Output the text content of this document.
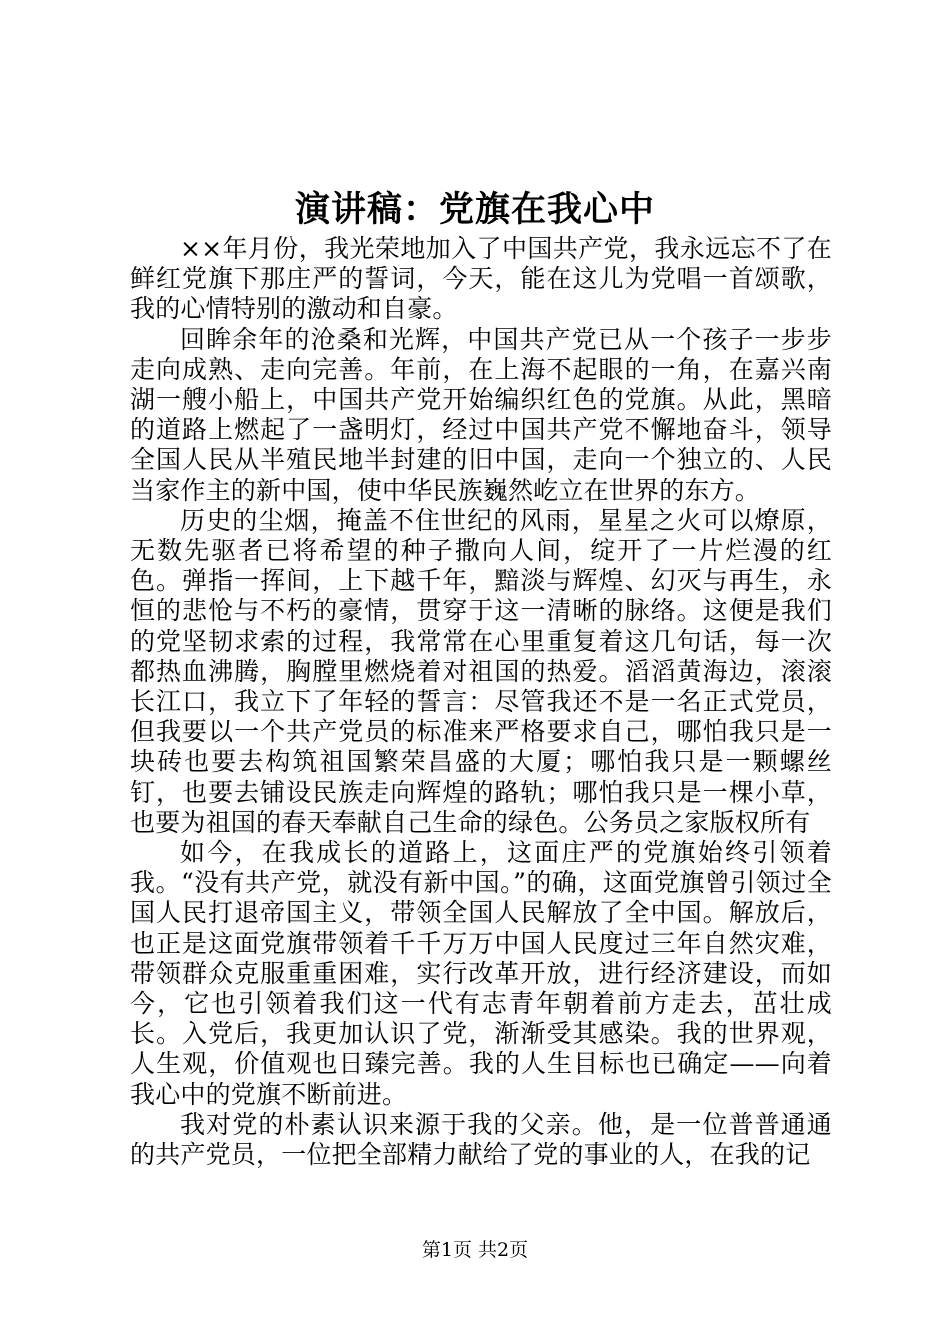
演讲稿：党旗在我心中

××年月份，我光荣地加入了中国共产党，我永远忘不了在鲜红党旗下那庄严的誓词，今天，能在这儿为党唱一首颂歌，我的心情特别的激动和自豪。

回眸余年的沧桑和光辉，中国共产党已从一个孩子一步步走向成熟、走向完善。年前，在上海不起眼的一角，在嘉兴南湖一艘小船上，中国共产党开始编织红色的党旗。从此，黑暗的道路上燃起了一盏明灯，经过中国共产党不懈地奋斗，领导全国人民从半殖民地半封建的旧中国，走向一个独立的、人民当家作主的新中国，使中华民族巍然屹立在世界的东方。

历史的尘烟，掩盖不住世纪的风雨，星星之火可以燎原，无数先驱者已将希望的种子撒向人间，绽开了一片烂漫的红色。弹指一挥间，上下越千年，黯淡与辉煌、幻灭与再生，永恒的悲怆与不朽的豪情，贯穿于这一清晰的脉络。这便是我们的党坚韧求索的过程，我常常在心里重复着这几句话，每一次都热血沸腾，胸膛里燃烧着对祖国的热爱。滔滔黄海边，滚滚长江口，我立下了年轻的誓言：尽管我还不是一名正式党员，但我要以一个共产党员的标准来严格要求自己，哪怕我只是一块砖也要去构筑祖国繁荣昌盛的大厦；哪怕我只是一颗螺丝钉，也要去铺设民族走向辉煌的路轨；哪怕我只是一棵小草，也要为祖国的春天奉献自己生命的绿色。公务员之家版权所有

如今，在我成长的道路上，这面庄严的党旗始终引领着我。“没有共产党，就没有新中国。”的确，这面党旗曾引领过全国人民打退帝国主义，带领全国人民解放了全中国。解放后，也正是这面党旗带领着千千万万中国人民度过三年自然灾难，带领群众克服重重困难，实行改革开放，进行经济建设，而如今，它也引领着我们这一代有志青年朝着前方走去，茁壮成长。入党后，我更加认识了党，渐渐受其感染。我的世界观，人生观，价值观也日臻完善。我的人生目标也已确定——向着我心中的党旗不断前进。

我对党的朴素认识来源于我的父亲。他，是一位普普通通的共产党员，一位把全部精力献给了党的事业的人，在我的记

第1页 共2页
